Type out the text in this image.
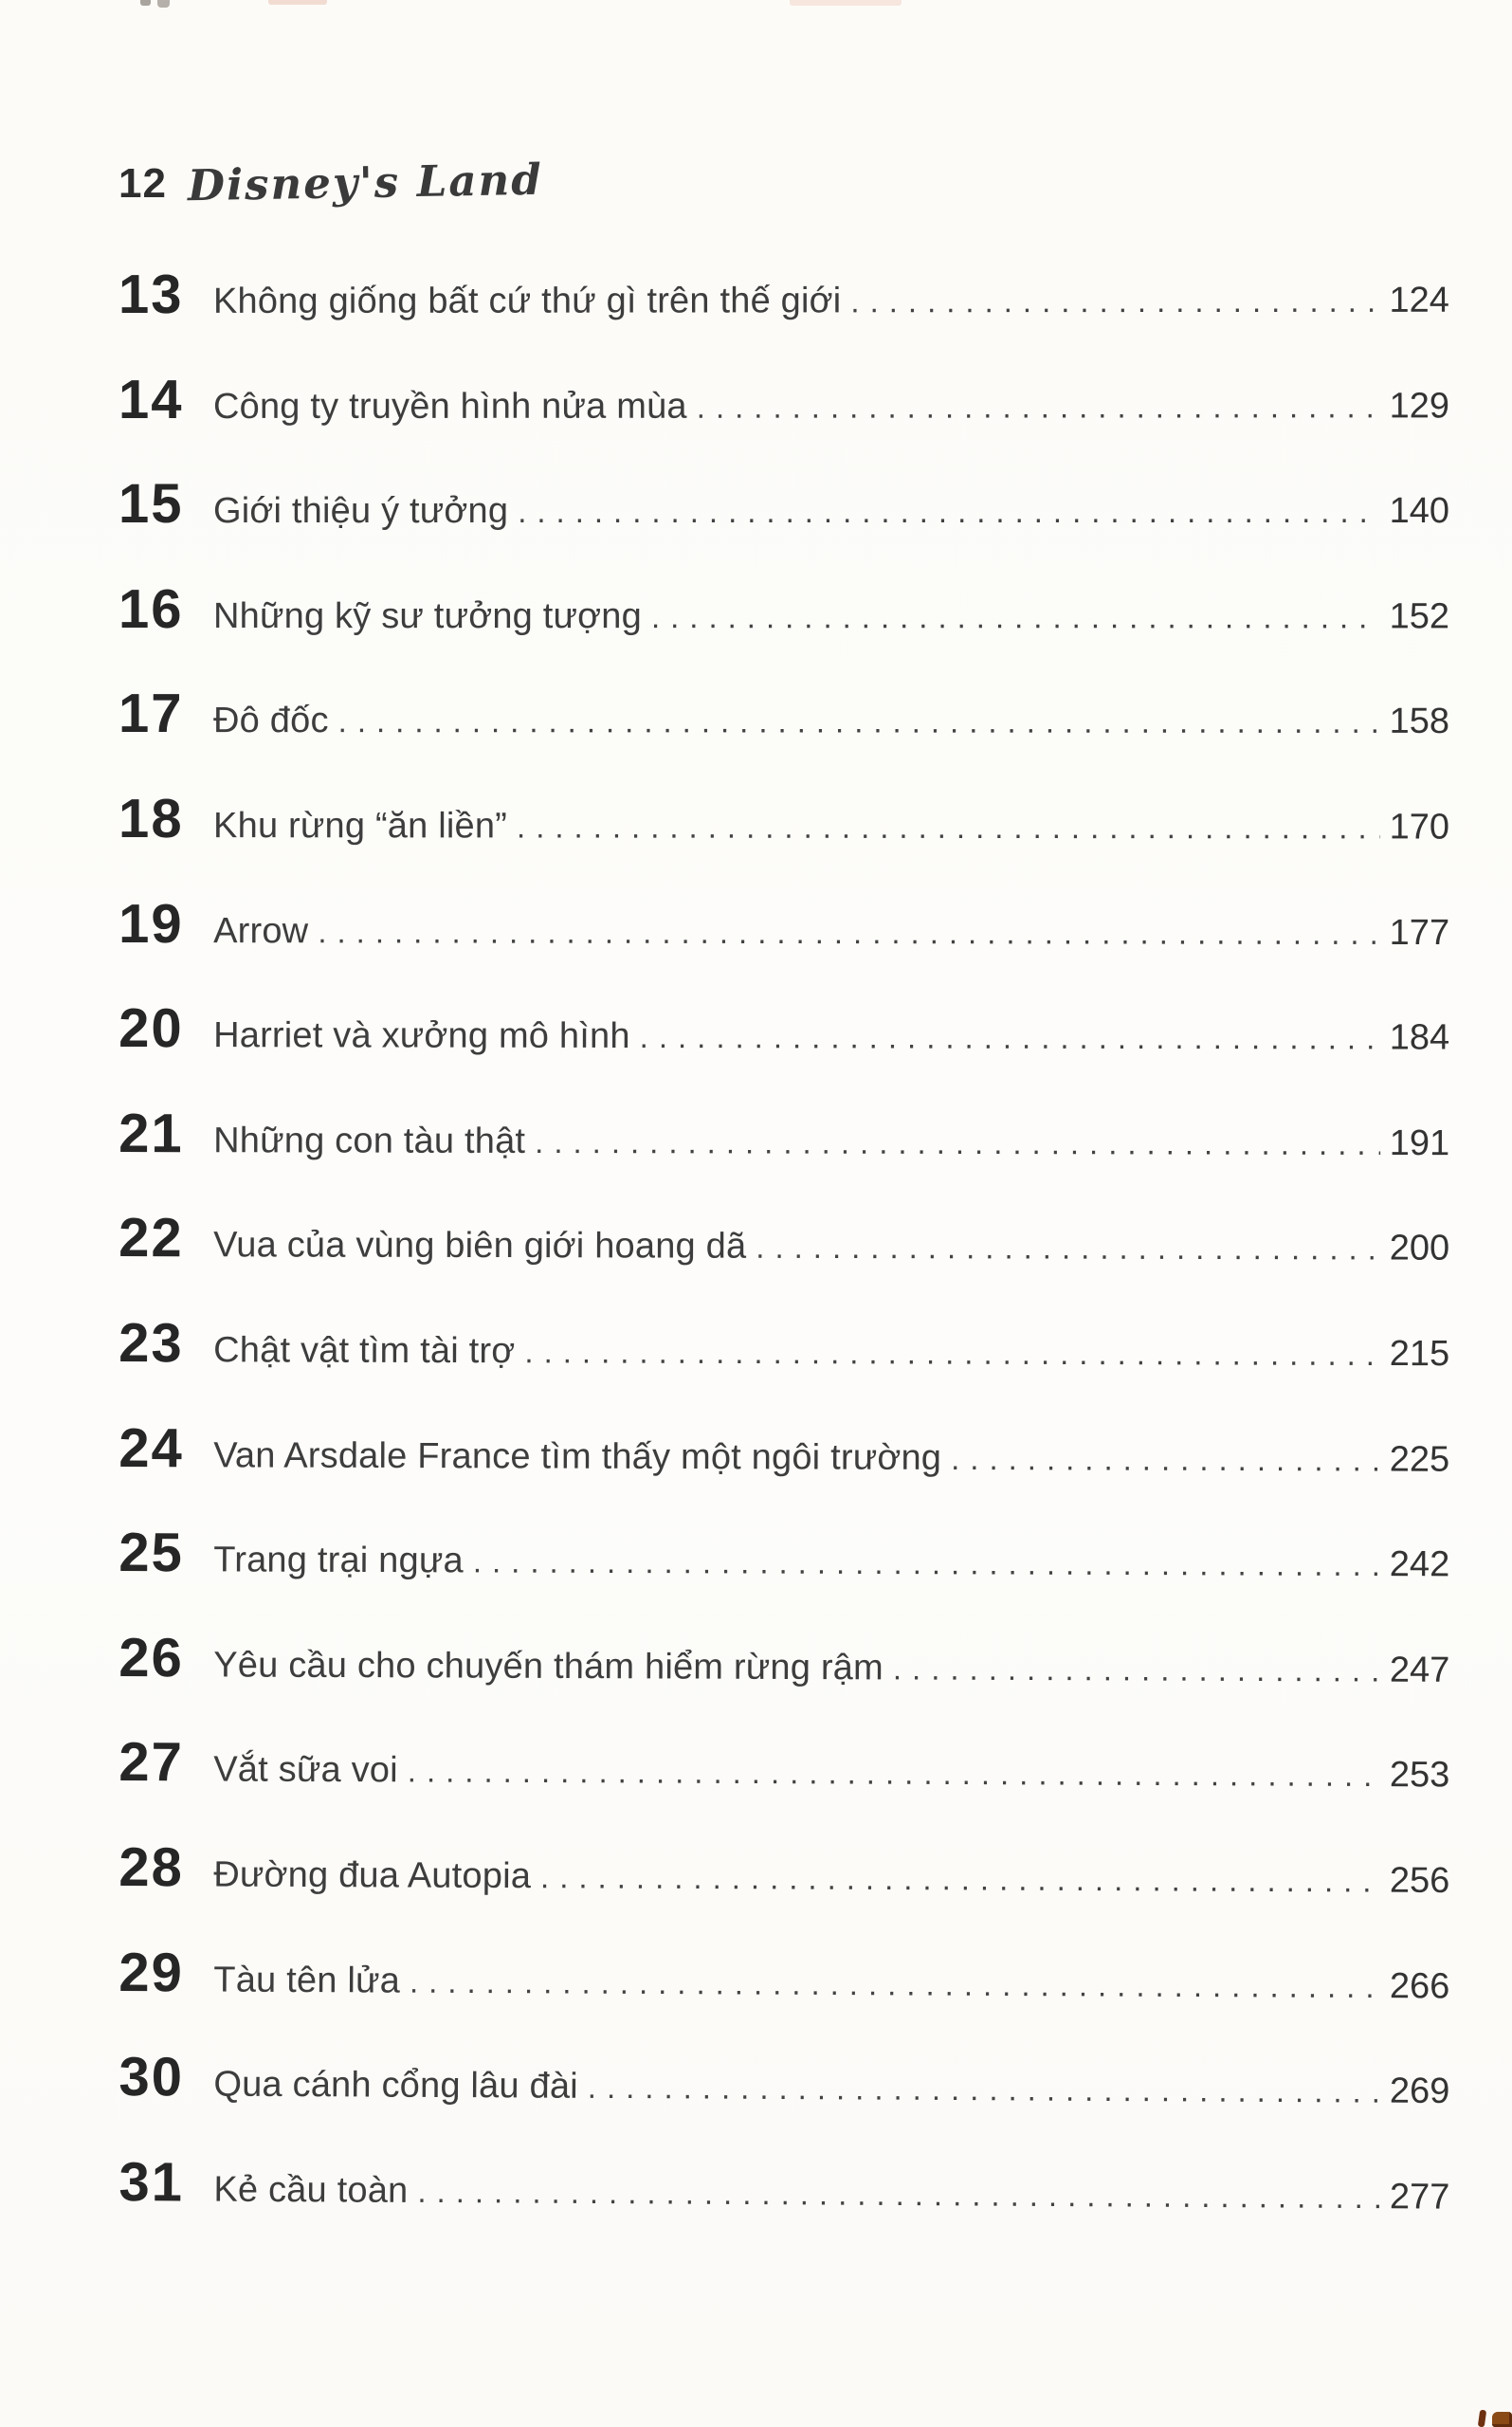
12 Disney's Land
13 Không giống bất cứ thứ gì trên thế giới .....	124
14 Công ty truyền hình nửa mùa .....	129
15 Giới thiệu ý tưởng .....	140
16 Những kỹ sư tưởng tượng .....	152
17 Đô đốc .....	158
18 Khu rừng “ăn liền” .....	170
19 Arrow .....	177
20 Harriet và xưởng mô hình .....	184
21 Những con tàu thật .....	191
22 Vua của vùng biên giới hoang dã .....	200
23 Chật vật tìm tài trợ .....	215
24 Van Arsdale France tìm thấy một ngôi trường .....	225
25 Trang trại ngựa .....	242
26 Yêu cầu cho chuyến thám hiểm rừng rậm .....	247
27 Vắt sữa voi .....	253
28 Đường đua Autopia .....	256
29 Tàu tên lửa .....	266
30 Qua cánh cổng lâu đài .....	269
31 Kẻ cầu toàn .....	277
